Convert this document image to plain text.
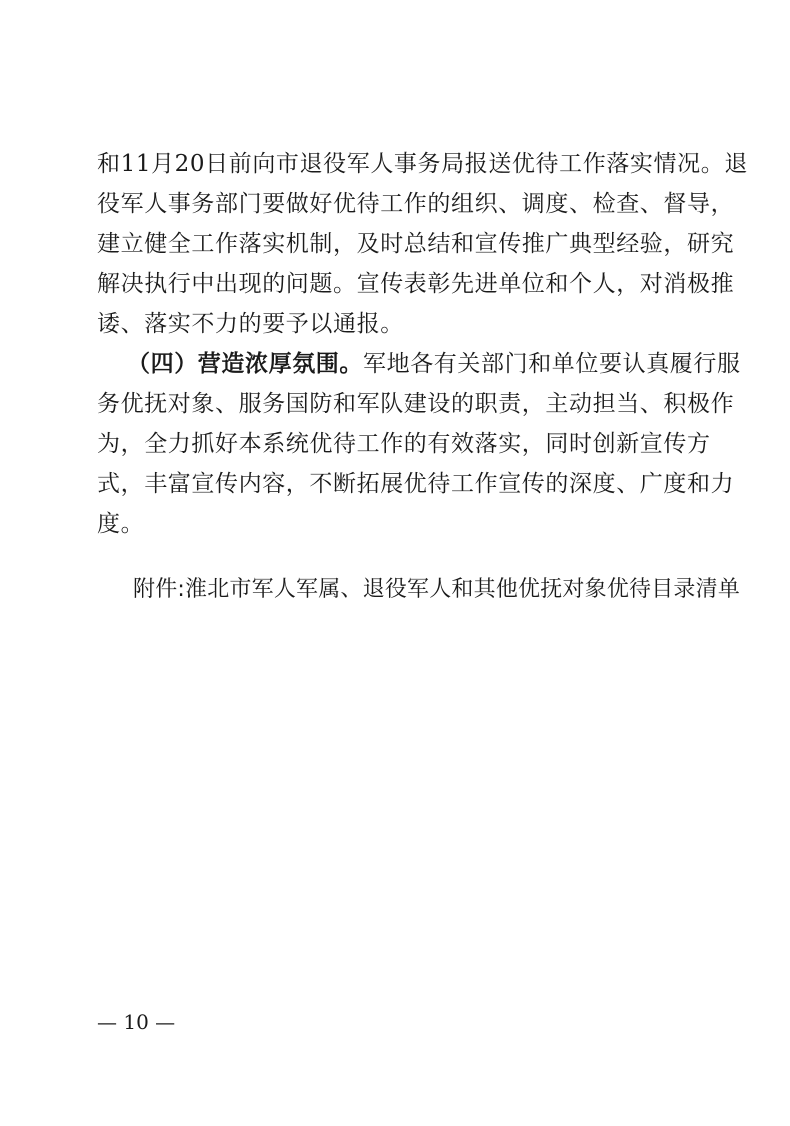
和11月20日前向市退役军人事务局报送优待工作落实情况。退
役军人事务部门要做好优待工作的组织、调度、检查、督导，
建立健全工作落实机制，及时总结和宣传推广典型经验，研究
解决执行中出现的问题。宣传表彰先进单位和个人，对消极推
诿、落实不力的要予以通报。
（四）营造浓厚氛围。军地各有关部门和单位要认真履行服
务优抚对象、服务国防和军队建设的职责，主动担当、积极作
为，全力抓好本系统优待工作的有效落实，同时创新宣传方
式，丰富宣传内容，不断拓展优待工作宣传的深度、广度和力
度。
附件:淮北市军人军属、退役军人和其他优抚对象优待目录清单
— 10 —
